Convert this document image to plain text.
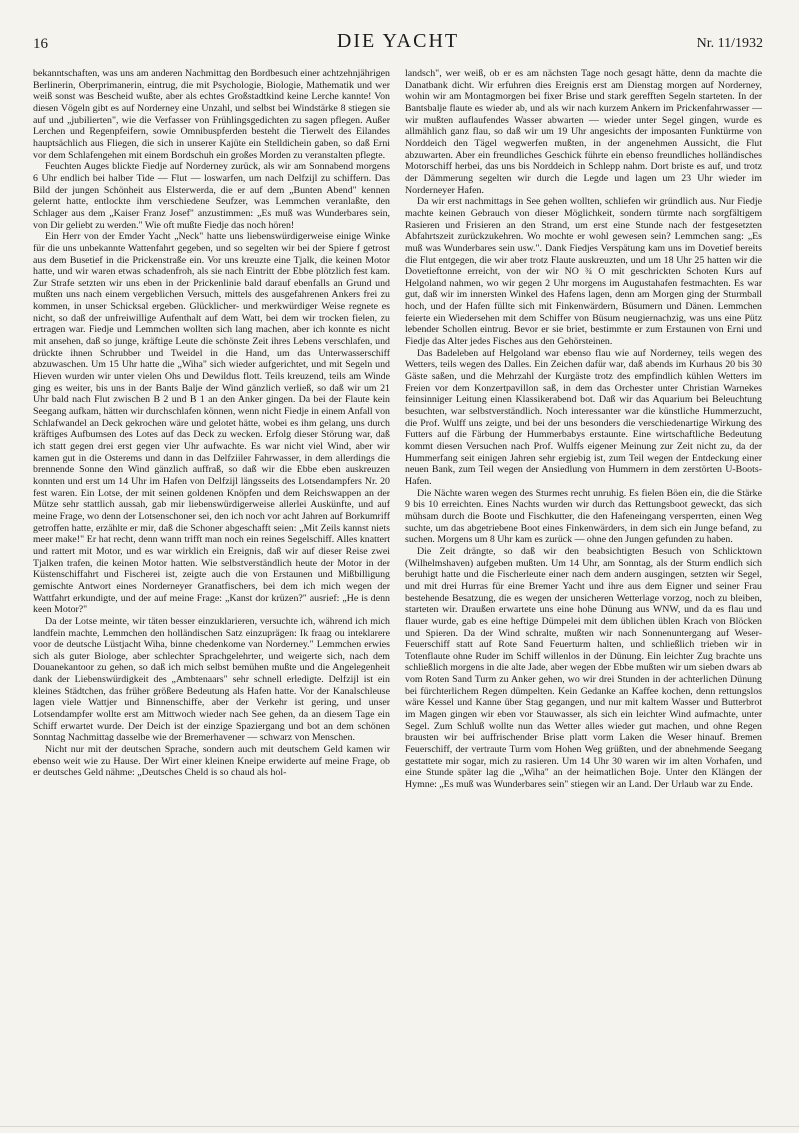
16	DIE YACHT	Nr. 11/1932

bekanntschaften, was uns am anderen Nachmittag den Bordbesuch einer achtzehnjährigen Berlinerin, Oberprimanerin, eintrug, die mit Psychologie, Biologie, Mathematik und wer weiß sonst was Bescheid wußte, aber als echtes Großstadtkind keine Lerche kannte! Von diesen Vögeln gibt es auf Norderney eine Unzahl, und selbst bei Windstärke 8 stiegen sie auf und „jubilierten", wie die Verfasser von Frühlingsgedichten zu sagen pflegen. Außer Lerchen und Regenpfeifern, sowie Omnibuspferden besteht die Tierwelt des Eilandes hauptsächlich aus Fliegen, die sich in unserer Kajüte ein Stelldichein gaben, so daß Erni vor dem Schlafengehen mit einem Bordschuh ein großes Morden zu veranstalten pflegte.

Feuchten Auges blickte Fiedje auf Norderney zurück, als wir am Sonnabend morgens 6 Uhr endlich bei halber Tide — Flut — loswarfen, um nach Delfzijl zu schiffern. Das Bild der jungen Schönheit aus Elsterwerda, die er auf dem „Bunten Abend" kennen gelernt hatte, entlockte ihm verschiedene Seufzer, was Lemmchen veranlaßte, den Schlager aus dem „Kaiser Franz Josef" anzustimmen: „Es muß was Wunderbares sein, von Dir geliebt zu werden." Wie oft mußte Fiedje das noch hören!

Ein Herr von der Emder Yacht „Neck" hatte uns liebenswürdigerweise einige Winke für die uns unbekannte Wattenfahrt gegeben, und so segelten wir bei der Spiere f getrost aus dem Busetief in die Prickenstraße ein. Vor uns kreuzte eine Tjalk, die keinen Motor hatte, und wir waren etwas schadenfroh, als sie nach Eintritt der Ebbe plötzlich fest kam. Zur Strafe setzten wir uns eben in der Prickenlinie bald darauf ebenfalls an Grund und mußten uns nach einem vergeblichen Versuch, mittels des ausgefahrenen Ankers frei zu kommen, in unser Schicksal ergeben. Glücklicher- und merkwürdiger Weise regnete es nicht, so daß der unfreiwillige Aufenthalt auf dem Watt, bei dem wir trocken fielen, zu ertragen war. Fiedje und Lemmchen wollten sich lang machen, aber ich konnte es nicht mit ansehen, daß so junge, kräftige Leute die schönste Zeit ihres Lebens verschlafen, und drückte ihnen Schrubber und Tweidel in die Hand, um das Unterwasserschiff abzuwaschen. Um 15 Uhr hatte die „Wiha" sich wieder aufgerichtet, und mit Segeln und Hieven wurden wir unter vielen Ohs und Dewildus flott. Teils kreuzend, teils am Winde ging es weiter, bis uns in der Bants Balje der Wind gänzlich verließ, so daß wir um 21 Uhr bald nach Flut zwischen B 2 und B 1 an den Anker gingen. Da bei der Flaute kein Seegang aufkam, hätten wir durchschlafen können, wenn nicht Fiedje in einem Anfall von Schlafwandel an Deck gekrochen wäre und gelotet hätte, wobei es ihm gelang, uns durch kräftiges Aufbumsen des Lotes auf das Deck zu wecken. Erfolg dieser Störung war, daß ich statt gegen drei erst gegen vier Uhr aufwachte. Es war nicht viel Wind, aber wir kamen gut in die Osterems und dann in das Delfziiler Fahrwasser, in dem allerdings die brennende Sonne den Wind gänzlich auffraß, so daß wir die Ebbe eben auskreuzen konnten und erst um 14 Uhr im Hafen von Delfzijl längsseits des Lotsendampfers Nr. 20 fest waren. Ein Lotse, der mit seinen goldenen Knöpfen und dem Reichswappen an der Mütze sehr stattlich aussah, gab mir liebenswürdigerweise allerlei Auskünfte, und auf meine Frage, wo denn der Lotsenschoner sei, den ich noch vor acht Jahren auf Borkumriff getroffen hatte, erzählte er mir, daß die Schoner abgeschafft seien: „Mit Zeils kannst niets meer make!" Er hat recht, denn wann trifft man noch ein reines Segelschiff. Alles knattert und rattert mit Motor, und es war wirklich ein Ereignis, daß wir auf dieser Reise zwei Tjalken trafen, die keinen Motor hatten. Wie selbstverständlich heute der Motor in der Küstenschiffahrt und Fischerei ist, zeigte auch die von Erstaunen und Mißbilligung gemischte Antwort eines Norderneyer Granatfischers, bei dem ich mich wegen der Wattfahrt erkundigte, und der auf meine Frage: „Kanst dor krüzen?" ausrief: „He is denn keen Motor?"

Da der Lotse meinte, wir täten besser einzuklarieren, versuchte ich, während ich mich landfein machte, Lemmchen den holländischen Satz einzuprägen: Ik fraag ou inteklarere voor de deutsche Lüstjacht Wiha, binne chedenkome van Norderney." Lemmchen erwies sich als guter Biologe, aber schlechter Sprachgelehrter, und weigerte sich, nach dem Douanekantoor zu gehen, so daß ich mich selbst bemühen mußte und die Angelegenheit dank der Liebenswürdigkeit des „Ambtenaars" sehr schnell erledigte. Delfzijl ist ein kleines Städtchen, das früher größere Bedeutung als Hafen hatte. Vor der Kanalschleuse lagen viele Wattjer und Binnenschiffe, aber der Verkehr ist gering, und unser Lotsendampfer wollte erst am Mittwoch wieder nach See gehen, da an diesem Tage ein Schiff erwartet wurde. Der Deich ist der einzige Spaziergang und bot an dem schönen Sonntag Nachmittag dasselbe wie der Bremerhavener — schwarz von Menschen.

Nicht nur mit der deutschen Sprache, sondern auch mit deutschem Geld kamen wir ebenso weit wie zu Hause. Der Wirt einer kleinen Kneipe erwiderte auf meine Frage, ob er deutsches Geld nähme: „Deutsches Cheld is so chaud als hol-

landsch", wer weiß, ob er es am nächsten Tage noch gesagt hätte, denn da machte die Danatbank dicht. Wir erfuhren dies Ereignis erst am Dienstag morgen auf Norderney, wohin wir am Montagmorgen bei fixer Brise und stark gerefften Segeln starteten. In der Bantsbalje flaute es wieder ab, und als wir nach kurzem Ankern im Prickenfahrwasser — wir mußten auflaufendes Wasser abwarten — wieder unter Segel gingen, wurde es allmählich ganz flau, so daß wir um 19 Uhr angesichts der imposanten Funktürme von Norddeich den Tägel wegwerfen mußten, in der angenehmen Aussicht, die Flut abzuwarten. Aber ein freundliches Geschick führte ein ebenso freundliches holländisches Motorschiff herbei, das uns bis Norddeich in Schlepp nahm. Dort briste es auf, und trotz der Dämmerung segelten wir durch die Legde und lagen um 23 Uhr wieder im Norderneyer Hafen.

Da wir erst nachmittags in See gehen wollten, schliefen wir gründlich aus. Nur Fiedje machte keinen Gebrauch von dieser Möglichkeit, sondern türmte nach sorgfältigem Rasieren und Frisieren an den Strand, um erst eine Stunde nach der festgesetzten Abfahrtszeit zurückzukehren. Wo mochte er wohl gewesen sein? Lemmchen sang: „Es muß was Wunderbares sein usw.". Dank Fiedjes Verspätung kam uns im Dovetief bereits die Flut entgegen, die wir aber trotz Flaute auskreuzten, und um 18 Uhr 25 hatten wir die Dovetieftonne erreicht, von der wir NO ¾ O mit geschrickten Schoten Kurs auf Helgoland nahmen, wo wir gegen 2 Uhr morgens im Augustahafen festmachten. Es war gut, daß wir im innersten Winkel des Hafens lagen, denn am Morgen ging der Sturmball hoch, und der Hafen füllte sich mit Finkenwärdern, Büsumern und Dänen. Lemmchen feierte ein Wiedersehen mit dem Schiffer von Büsum neugiernachzig, was uns eine Pütz lebender Schollen eintrug. Bevor er sie briet, bestimmte er zum Erstaunen von Erni und Fiedje das Alter jedes Fisches aus den Gehörsteinen.

Das Badeleben auf Helgoland war ebenso flau wie auf Norderney, teils wegen des Wetters, teils wegen des Dalles. Ein Zeichen dafür war, daß abends im Kurhaus 20 bis 30 Gäste saßen, und die Mehrzahl der Kurgäste trotz des empfindlich kühlen Wetters im Freien vor dem Konzertpavillon saß, in dem das Orchester unter Christian Warnekes feinsinniger Leitung einen Klassikerabend bot. Daß wir das Aquarium bei Beleuchtung besuchten, war selbstverständlich. Noch interessanter war die künstliche Hummerzucht, die Prof. Wulff uns zeigte, und bei der uns besonders die verschiedenartige Wirkung des Futters auf die Färbung der Hummerbabys erstaunte. Eine wirtschaftliche Bedeutung kommt diesen Versuchen nach Prof. Wulffs eigener Meinung zur Zeit nicht zu, da der Hummerfang seit einigen Jahren sehr ergiebig ist, zum Teil wegen der Entdeckung einer neuen Bank, zum Teil wegen der Ansiedlung von Hummern in dem zerstörten U-Boots-Hafen.

Die Nächte waren wegen des Sturmes recht unruhig. Es fielen Böen ein, die die Stärke 9 bis 10 erreichten. Eines Nachts wurden wir durch das Rettungsboot geweckt, das sich mühsam durch die Boote und Fischkutter, die den Hafeneingang versperrten, einen Weg suchte, um das abgetriebene Boot eines Finkenwärders, in dem sich ein Junge befand, zu suchen. Morgens um 8 Uhr kam es zurück — ohne den Jungen gefunden zu haben.

Die Zeit drängte, so daß wir den beabsichtigten Besuch von Schlicktown (Wilhelmshaven) aufgeben mußten. Um 14 Uhr, am Sonntag, als der Sturm endlich sich beruhigt hatte und die Fischerleute einer nach dem andern ausgingen, setzten wir Segel, und mit drei Hurras für eine Bremer Yacht und ihre aus dem Eigner und seiner Frau bestehende Besatzung, die es wegen der unsicheren Wetterlage vorzog, noch zu bleiben, starteten wir. Draußen erwartete uns eine hohe Dünung aus WNW, und da es flau und flauer wurde, gab es eine heftige Dümpelei mit dem üblichen üblen Krach von Blöcken und Spieren. Da der Wind schralte, mußten wir nach Sonnenuntergang auf Weser-Feuerschiff statt auf Rote Sand Feuerturm halten, und schließlich trieben wir in Totenflaute ohne Ruder im Schiff willenlos in der Dünung. Ein leichter Zug brachte uns schließlich morgens in die alte Jade, aber wegen der Ebbe mußten wir um sieben dwars ab vom Roten Sand Turm zu Anker gehen, wo wir drei Stunden in der achterlichen Dünung bei fürchterlichem Regen dümpelten. Kein Gedanke an Kaffee kochen, denn rettungslos wäre Kessel und Kanne über Stag gegangen, und nur mit kaltem Wasser und Butterbrot im Magen gingen wir eben vor Stauwasser, als sich ein leichter Wind aufmachte, unter Segel. Zum Schluß wollte nun das Wetter alles wieder gut machen, und ohne Regen brausten wir bei auffrischender Brise platt vorm Laken die Weser hinauf. Bremen Feuerschiff, der vertraute Turm vom Hohen Weg grüßten, und der abnehmende Seegang gestattete mir sogar, mich zu rasieren. Um 14 Uhr 30 waren wir im alten Vorhafen, und eine Stunde später lag die „Wiha" an der heimatlichen Boje. Unter den Klängen der Hymne: „Es muß was Wunderbares sein" stiegen wir an Land. Der Urlaub war zu Ende.
